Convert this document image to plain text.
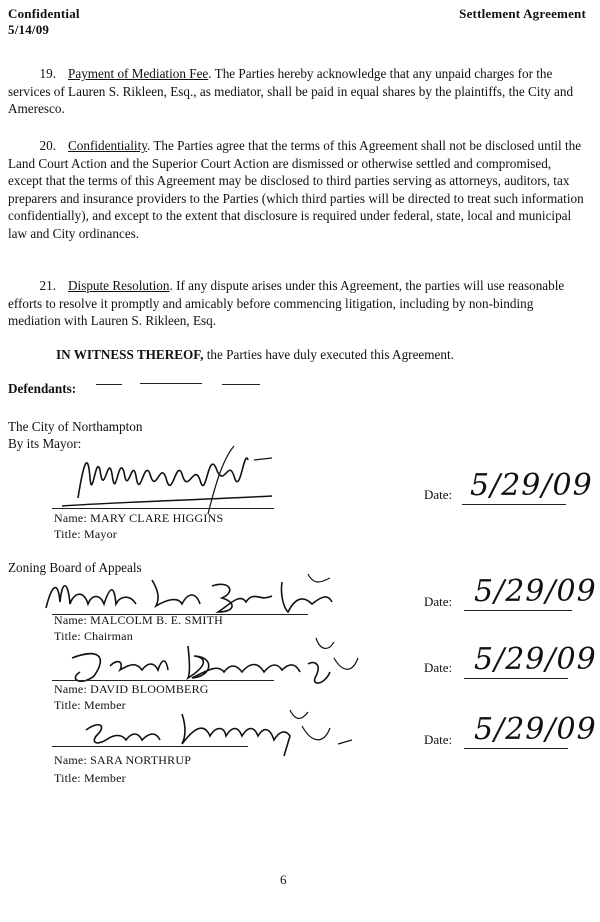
Confidential
5/14/09
Settlement Agreement
19. Payment of Mediation Fee. The Parties hereby acknowledge that any unpaid charges for the services of Lauren S. Rikleen, Esq., as mediator, shall be paid in equal shares by the plaintiffs, the City and Ameresco.
20. Confidentiality. The Parties agree that the terms of this Agreement shall not be disclosed until the Land Court Action and the Superior Court Action are dismissed or otherwise settled and compromised, except that the terms of this Agreement may be disclosed to third parties serving as attorneys, auditors, tax preparers and insurance providers to the Parties (which third parties will be directed to treat such information confidentially), and except to the extent that disclosure is required under federal, state, local and municipal law and City ordinances.
21. Dispute Resolution. If any dispute arises under this Agreement, the parties will use reasonable efforts to resolve it promptly and amicably before commencing litigation, including by non-binding mediation with Lauren S. Rikleen, Esq.
IN WITNESS THEREOF, the Parties have duly executed this Agreement.
Defendants:
The City of Northampton
By its Mayor:
Name: MARY CLARE HIGGINS
Title: Mayor
Date: 5/29/09
Zoning Board of Appeals
Name: MALCOLM B. E. SMITH
Title: Chairman
Date: 5/29/09
Name: DAVID BLOOMBERG
Title: Member
Date: 5/29/09
Name: SARA NORTHRUP
Title: Member
Date: 5/29/09
6
